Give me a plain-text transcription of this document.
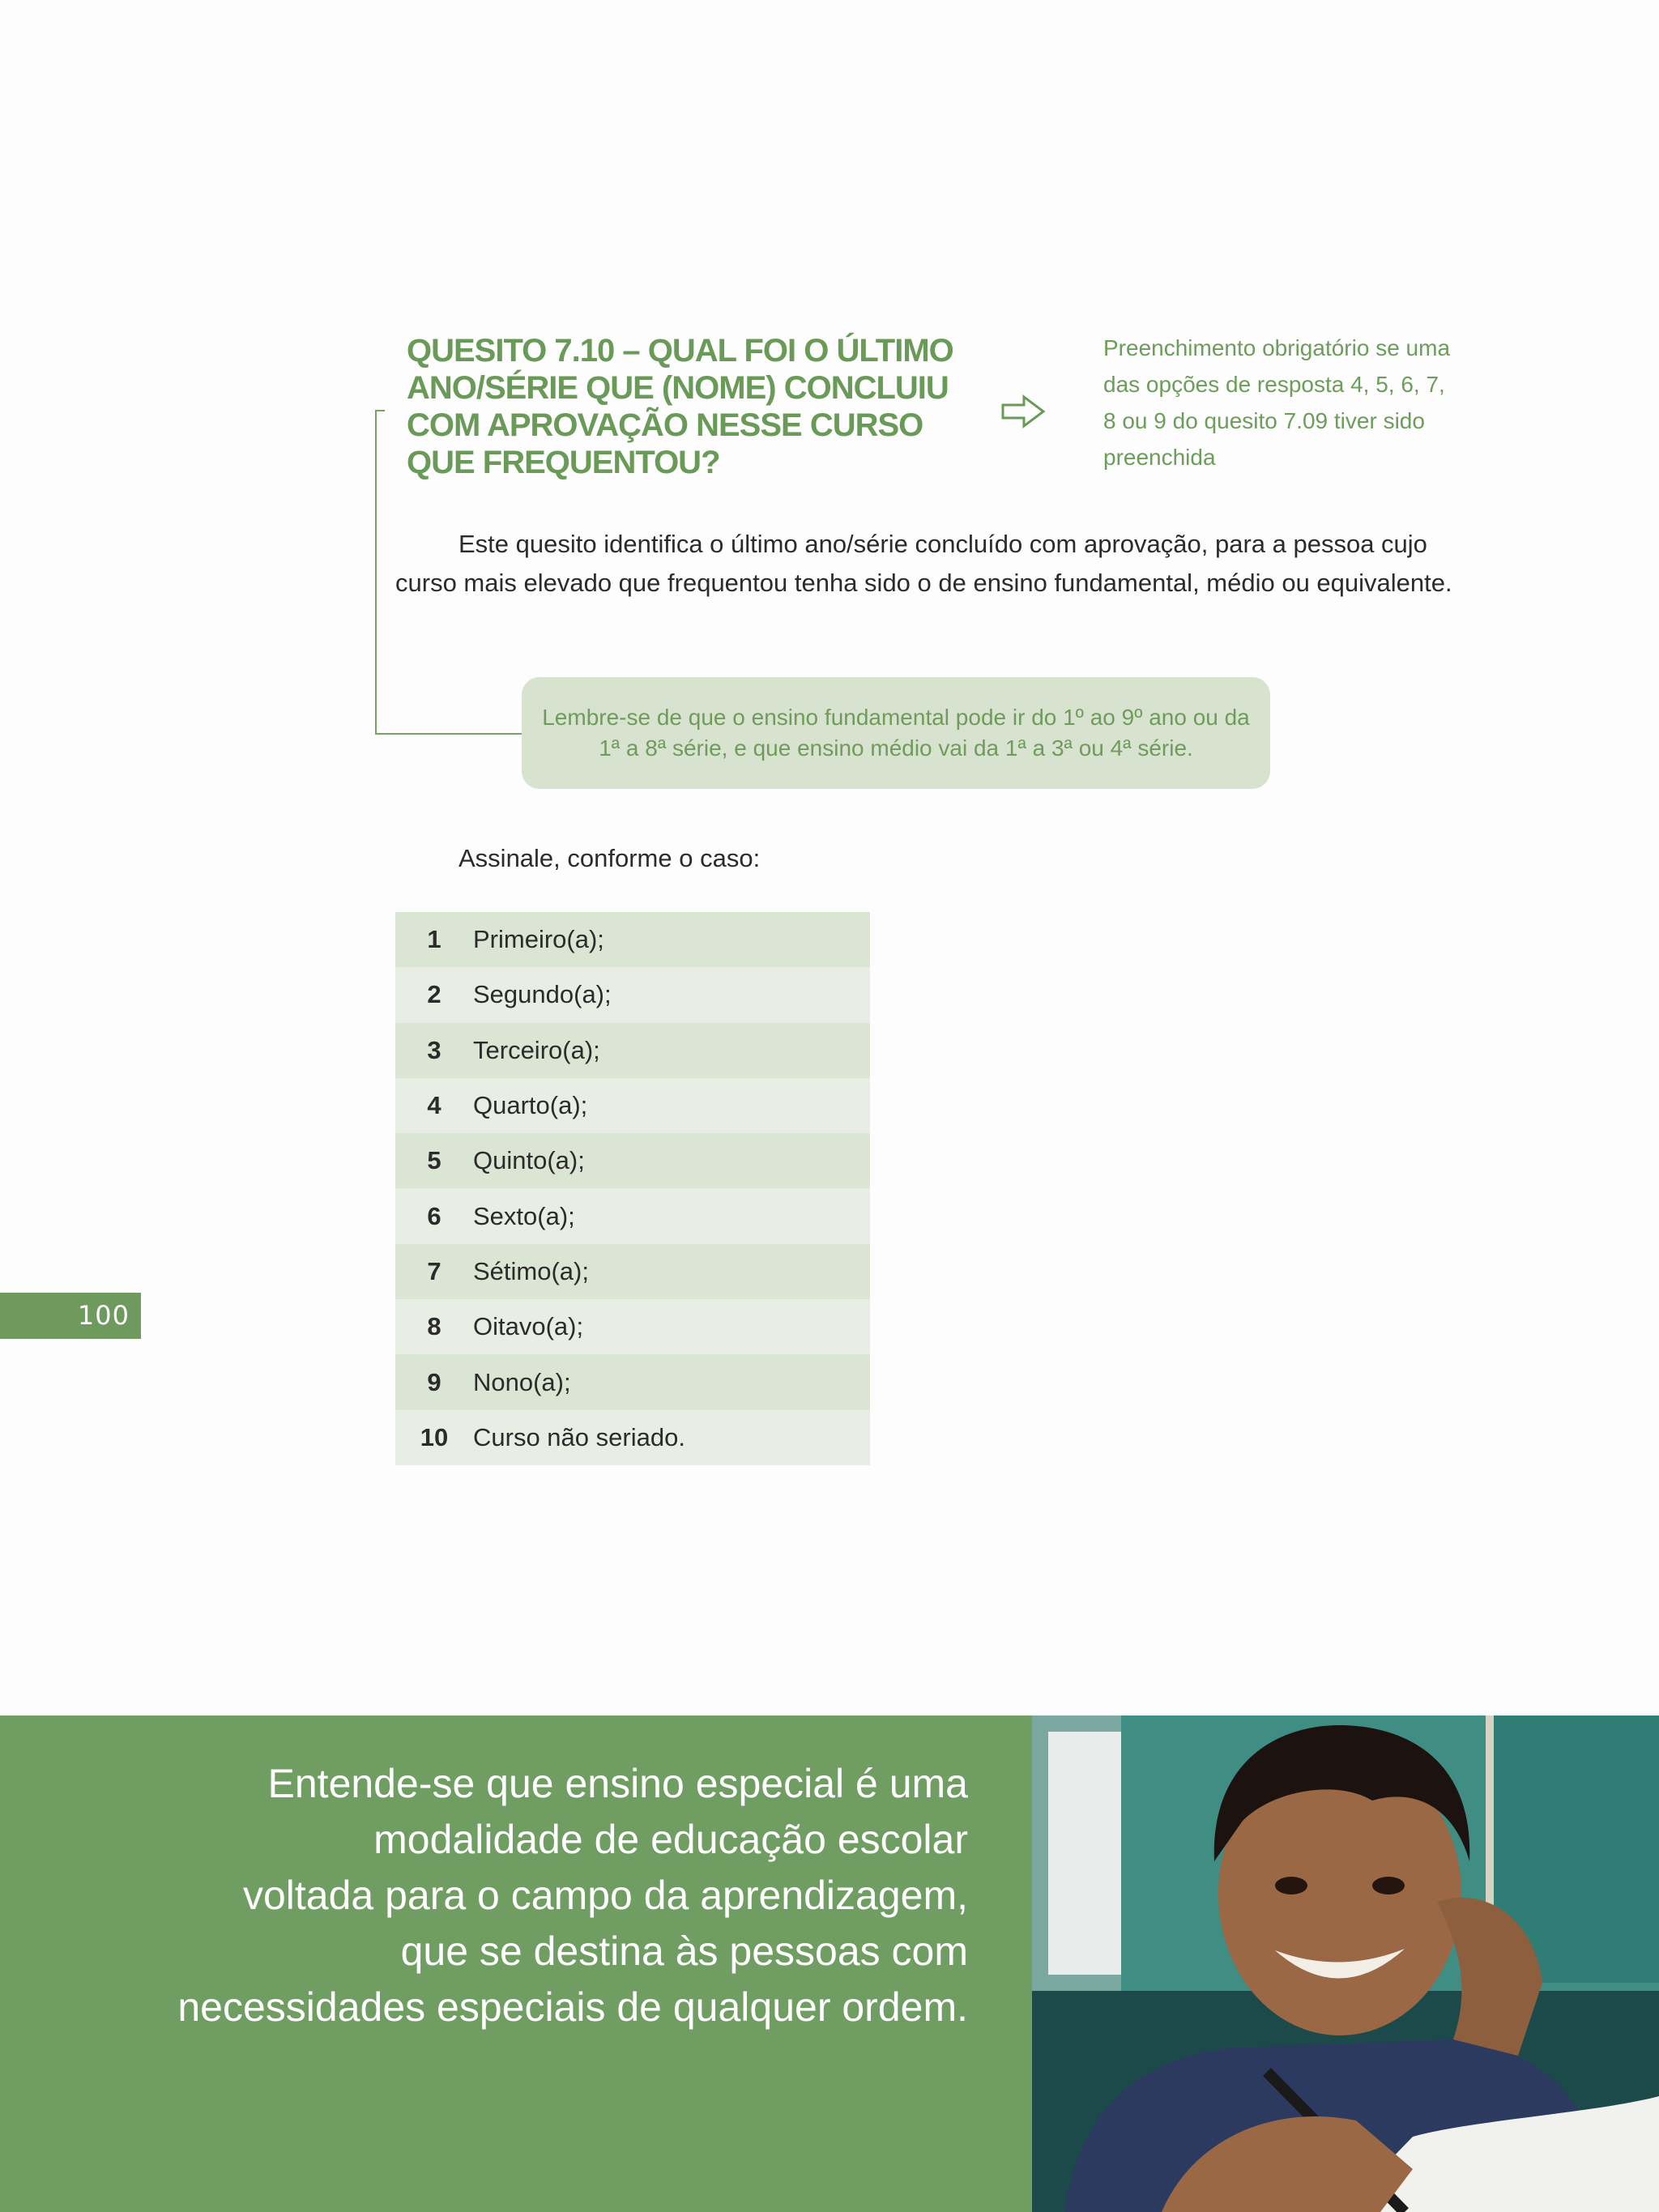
QUESITO 7.10 – QUAL FOI O ÚLTIMO ANO/SÉRIE QUE (NOME) CONCLUIU COM APROVAÇÃO NESSE CURSO QUE FREQUENTOU?

Preenchimento obrigatório se uma das opções de resposta 4, 5, 6, 7, 8 ou 9 do quesito 7.09 tiver sido preenchida

Este quesito identifica o último ano/série concluído com aprovação, para a pessoa cujo curso mais elevado que frequentou tenha sido o de ensino fundamental, médio ou equivalente.

Lembre-se de que o ensino fundamental pode ir do 1º ao 9º ano ou da
1ª a 8ª série, e que ensino médio vai da 1ª a 3ª ou 4ª série.

Assinale, conforme o caso:

1	Primeiro(a);
2	Segundo(a);
3	Terceiro(a);
4	Quarto(a);
5	Quinto(a);
6	Sexto(a);
7	Sétimo(a);
8	Oitavo(a);
9	Nono(a);
10	Curso não seriado.
100

Entende-se que ensino especial é uma
modalidade de educação escolar
voltada para o campo da aprendizagem,
que se destina às pessoas com
necessidades especiais de qualquer ordem.
